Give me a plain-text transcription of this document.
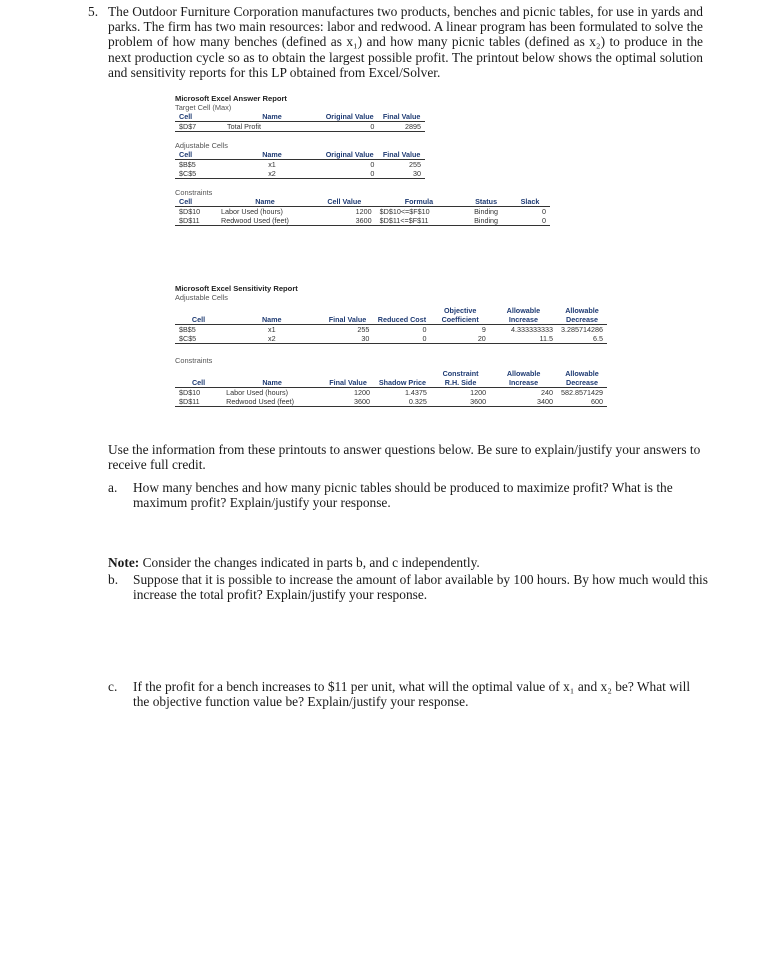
5. The Outdoor Furniture Corporation manufactures two products, benches and picnic tables, for use in yards and parks. The firm has two main resources: labor and redwood. A linear program has been formulated to solve the problem of how many benches (defined as x₁) and how many picnic tables (defined as x₂) to produce in the next production cycle so as to obtain the largest possible profit. The printout below shows the optimal solution and sensitivity reports for this LP obtained from Excel/Solver.
Microsoft Excel Answer Report
Target Cell (Max)
Cell	Name	Original Value	Final Value
$D$7	Total Profit	0	2895
Adjustable Cells
Cell	Name	Original Value	Final Value
$B$5	x1	0	255
$C$5	x2	0	30
Constraints
Cell	Name	Cell Value	Formula	Status	Slack
$D$10	Labor Used (hours)	1200	$D$10<=$F$10	Binding	0
$D$11	Redwood Used (feet)	3600	$D$11<=$F$11	Binding	0
Microsoft Excel Sensitivity Report
Adjustable Cells
Cell	Name	Final Value	Reduced Cost	Objective Coefficient	Allowable Increase	Allowable Decrease
$B$5	x1	255	0	9	4.333333333	3.285714286
$C$5	x2	30	0	20	11.5	6.5
Constraints
Cell	Name	Final Value	Shadow Price	Constraint R.H. Side	Allowable Increase	Allowable Decrease
$D$10	Labor Used (hours)	1200	1.4375	1200	240	582.8571429
$D$11	Redwood Used (feet)	3600	0.325	3600	3400	600
Use the information from these printouts to answer questions below. Be sure to explain/justify your answers to receive full credit.
a. How many benches and how many picnic tables should be produced to maximize profit? What is the maximum profit? Explain/justify your response.
Note: Consider the changes indicated in parts b, and c independently.
b. Suppose that it is possible to increase the amount of labor available by 100 hours. By how much would this increase the total profit? Explain/justify your response.
c. If the profit for a bench increases to $11 per unit, what will the optimal value of x₁ and x₂ be? What will the objective function value be? Explain/justify your response.
